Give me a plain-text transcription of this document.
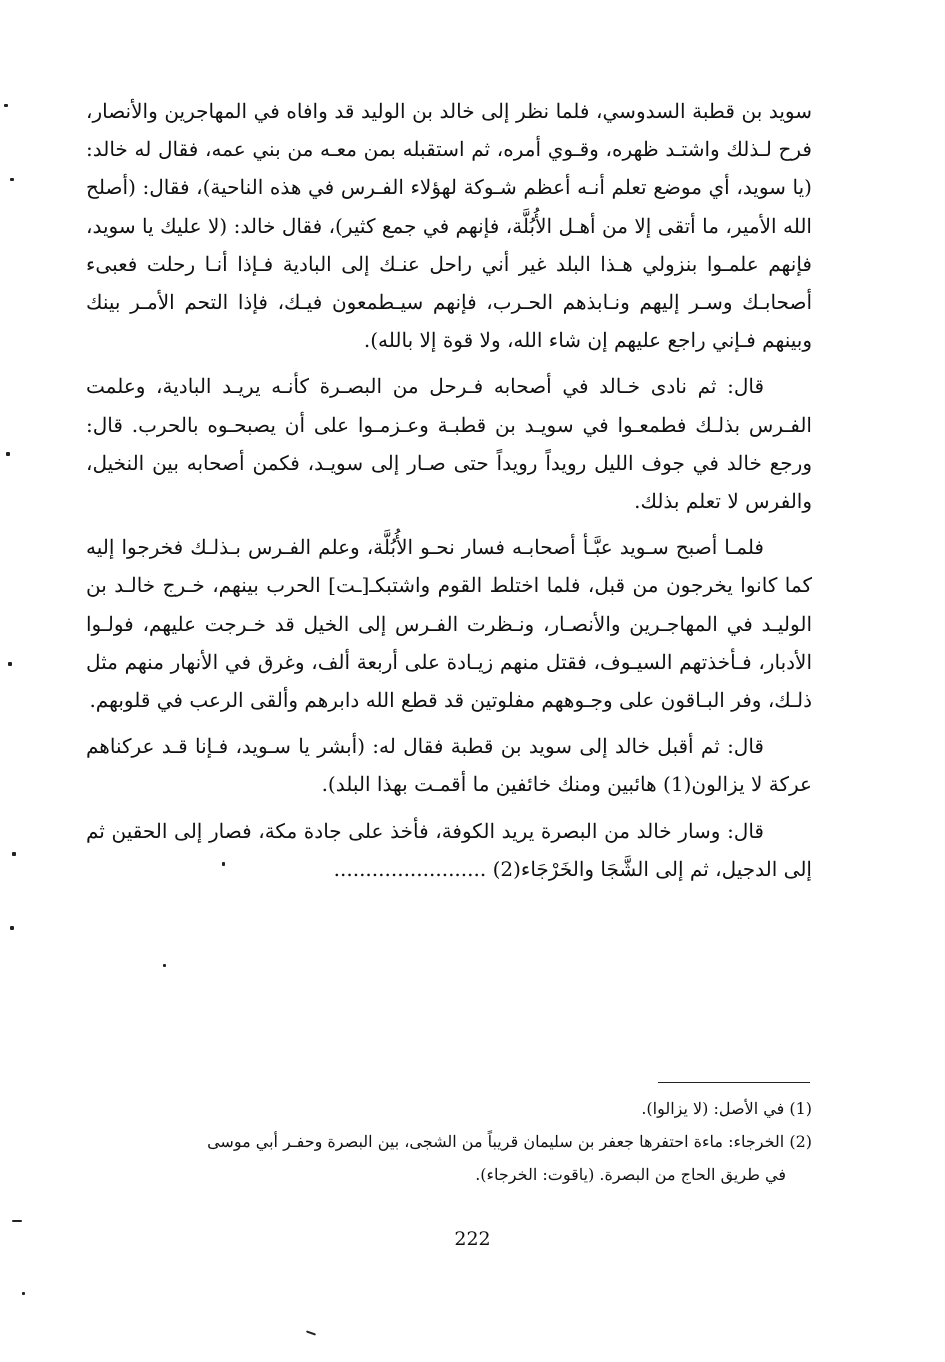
سويد بن قطبة السدوسي، فلما نظر إلى خالد بن الوليد قد وافاه في المهاجرين والأنصار، فرح لـذلك واشتـد ظهره، وقـوي أمره، ثم استقبله بمن معـه من بني عمه، فقال له خالد: (يا سويد، أي موضع تعلم أنـه أعظم شـوكة لهؤلاء الفـرس في هذه الناحية)، فقال: (أصلح الله الأمير، ما أتقى إلا من أهـل الأُبُلَّة، فإنهم في جمع كثير)، فقال خالد: (لا عليك يا سويد، فإنهم علمـوا بنزولي هـذا البلد غير أني راحل عنـك إلى البادية فـإذا أنـا رحلت فعبىء أصحابـك وسـر إليهم ونـابذهم الحـرب، فإنهم سيـطمعون فيـك، فإذا التحم الأمـر بينك وبينهم فـإني راجع عليهم إن شاء الله، ولا قوة إلا بالله).

قال: ثم نادى خـالد في أصحابه فـرحل من البصـرة كأنـه يريـد البادية، وعلمت الفـرس بذلـك فطمعـوا في سويـد بن قطبـة وعـزمـوا على أن يصبحـوه بالحرب. قال: ورجع خالد في جوف الليل رويداً رويداً حتى صـار إلى سويـد، فكمن أصحابه بين النخيل، والفرس لا تعلم بذلك.

فلمـا أصبح سـويد عبَّـأ أصحابـه فسار نحـو الأُبُلَّة، وعلم الفـرس بـذلـك فخرجوا إليه كما كانوا يخرجون من قبل، فلما اختلط القوم واشتبكـ[ـت] الحرب بينهم، خـرج خالـد بن الوليـد في المهاجـرين والأنصـار، ونـظرت الفـرس إلى الخيل قد خـرجت عليهم، فولـوا الأدبار، فـأخذتهم السيـوف، فقتل منهم زيـادة على أربعة ألف، وغرق في الأنهار منهم مثل ذلـك، وفر البـاقون على وجـوههم مفلوتين قد قطع الله دابرهم وألقى الرعب في قلوبهم.

قال: ثم أقبل خالد إلى سويد بن قطبة فقال له: (أبشر يا سـويد، فـإنا قـد عركناهم عركة لا يزالون(1) هائبين ومنك خائفين ما أقمـت بهذا البلد).

قال: وسار خالد من البصرة يريد الكوفة، فأخذ على جادة مكة، فصار إلى الحقين ثم إلى الدجيل، ثم إلى الشَّجَا والخَرْجَاء(2) ........................

(1) في الأصل: (لا يزالوا).

(2) الخرجاء: ماءة احتفرها جعفر بن سليمان قريباً من الشجى، بين البصرة وحفـر أبي موسى

في طريق الحاج من البصرة. (ياقوت: الخرجاء).

222
